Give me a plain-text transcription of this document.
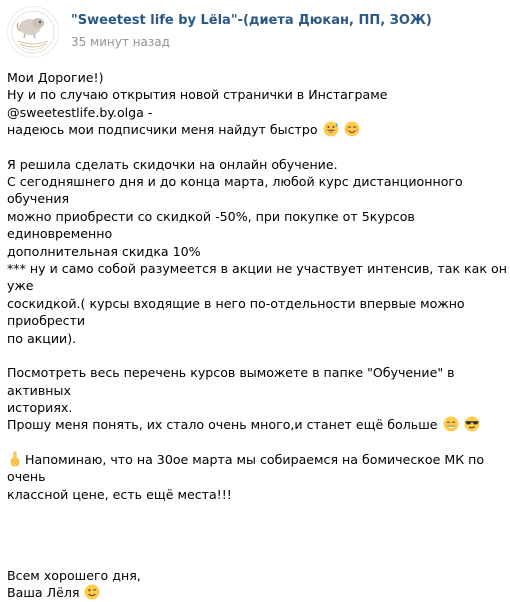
"Sweetest life by Lëla"-(диета Дюкан, ПП, ЗОЖ)
35 минут назад

Мои Дорогие!)

Ну и по случаю открытия новой странички в Инстаграме @sweetestlife.by.olga -

надеюсь мои подписчики меня найдут быстро

Я решила сделать скидочки на онлайн обучение.

С сегодняшнего дня и до конца марта, любой курс дистанционного обучения

можно приобрести со скидкой -50%, при покупке от 5курсов единовременно

дополнительная скидка 10%

*** ну и само собой разумеется в акции не участвует интенсив, так как он уже

соскидкой.( курсы входящие в него по-отдельности впервые можно приобрести

по акции).

Посмотреть весь перечень курсов выможете в папке "Обучение" в активных

историях.

Прошу меня понять, их стало очень много,и станет ещё больше

Напоминаю, что на 30ое марта мы собираемся на бомическое МК по очень

классной цене, есть ещё места!!!

Всем хорошего дня,

Ваша Лёля
